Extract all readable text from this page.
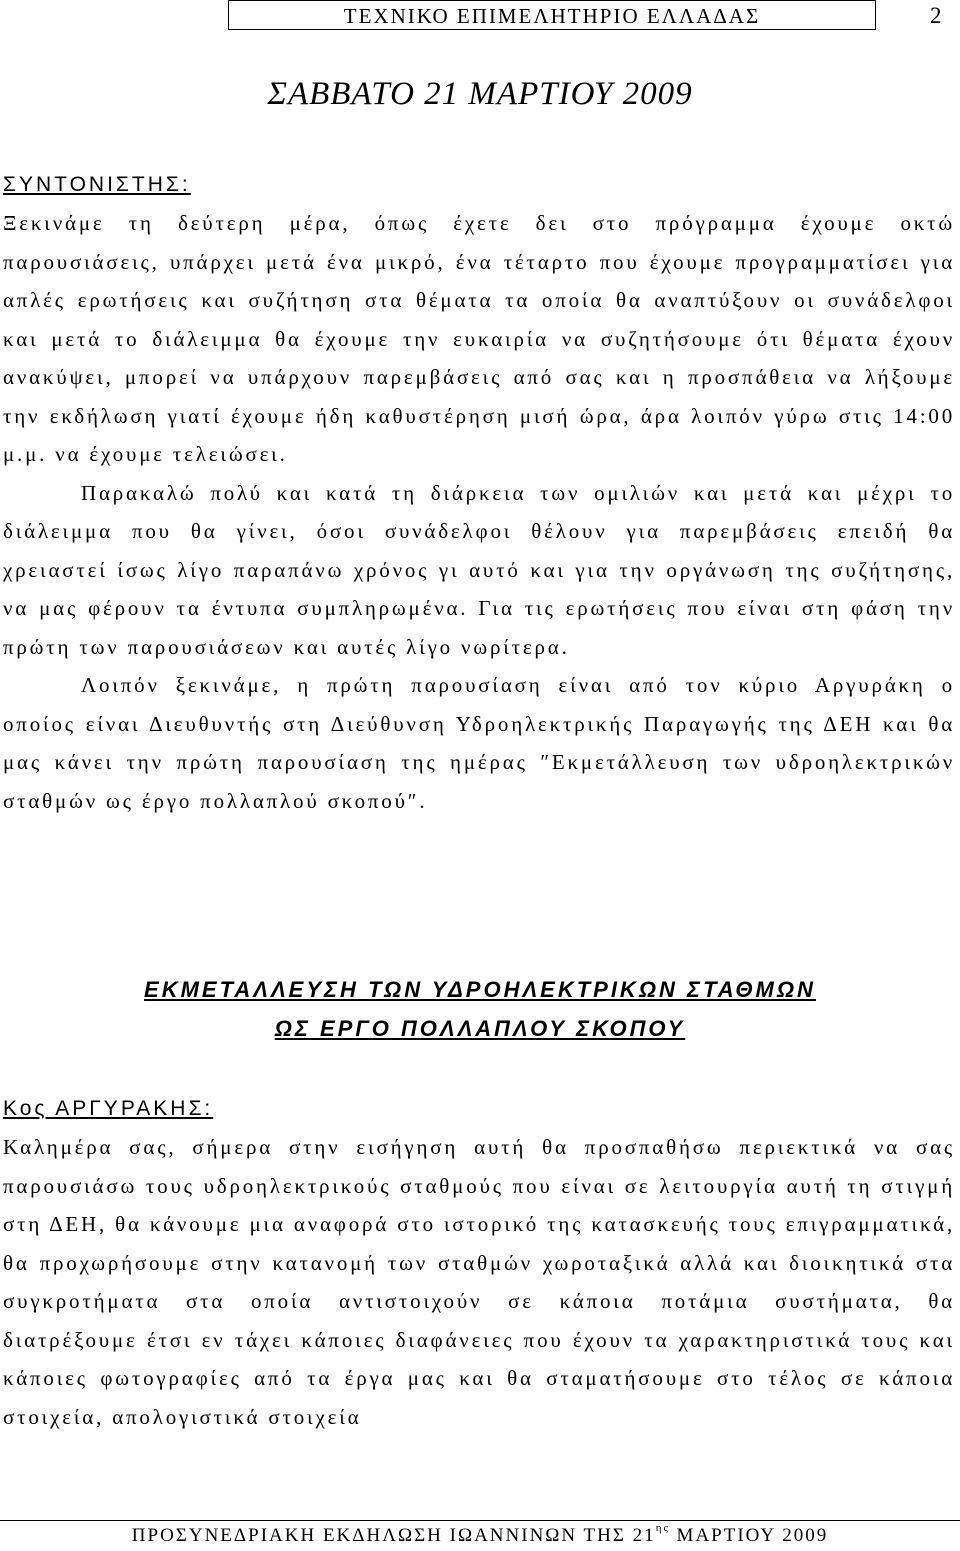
ΤΕΧΝΙΚΟ ΕΠΙΜΕΛΗΤΗΡΙΟ ΕΛΛΑΔΑΣ	2
ΣΑΒΒΑΤΟ 21 ΜΑΡΤΙΟΥ 2009

ΣΥΝΤΟΝΙΣΤΗΣ:

Ξεκινάμε τη δεύτερη μέρα, όπως έχετε δει στο πρόγραμμα έχουμε οκτώ παρουσιάσεις, υπάρχει μετά ένα μικρό, ένα τέταρτο που έχουμε προγραμματίσει για απλές ερωτήσεις και συζήτηση στα θέματα τα οποία θα αναπτύξουν οι συνάδελφοι και μετά το διάλειμμα θα έχουμε την ευκαιρία να συζητήσουμε ότι θέματα έχουν ανακύψει, μπορεί να υπάρχουν παρεμβάσεις από σας και η προσπάθεια να λήξουμε την εκδήλωση γιατί έχουμε ήδη καθυστέρηση μισή ώρα, άρα λοιπόν γύρω στις 14:00 μ.μ. να έχουμε τελειώσει.

Παρακαλώ πολύ και κατά τη διάρκεια των ομιλιών και μετά και μέχρι το διάλειμμα που θα γίνει, όσοι συνάδελφοι θέλουν για παρεμβάσεις επειδή θα χρειαστεί ίσως λίγο παραπάνω χρόνος γι αυτό και για την οργάνωση της συζήτησης, να μας φέρουν τα έντυπα συμπληρωμένα. Για τις ερωτήσεις που είναι στη φάση την πρώτη των παρουσιάσεων και αυτές λίγο νωρίτερα.

Λοιπόν ξεκινάμε, η πρώτη παρουσίαση είναι από τον κύριο Αργυράκη ο οποίος είναι Διευθυντής στη Διεύθυνση Υδροηλεκτρικής Παραγωγής της ΔΕΗ και θα μας κάνει την πρώτη παρουσίαση της ημέρας ″Εκμετάλλευση των υδροηλεκτρικών σταθμών ως έργο πολλαπλού σκοπού″.

ΕΚΜΕΤΑΛΛΕΥΣΗ ΤΩΝ ΥΔΡΟΗΛΕΚΤΡΙΚΩΝ ΣΤΑΘΜΩΝ
ΩΣ ΕΡΓΟ ΠΟΛΛΑΠΛΟΥ ΣΚΟΠΟΥ

Κος ΑΡΓΥΡΑΚΗΣ:

Καλημέρα σας, σήμερα στην εισήγηση αυτή θα προσπαθήσω περιεκτικά να σας παρουσιάσω τους υδροηλεκτρικούς σταθμούς που είναι σε λειτουργία αυτή τη στιγμή στη ΔΕΗ, θα κάνουμε μια αναφορά στο ιστορικό της κατασκευής τους επιγραμματικά, θα προχωρήσουμε στην κατανομή των σταθμών χωροταξικά αλλά και διοικητικά στα συγκροτήματα στα οποία αντιστοιχούν σε κάποια ποτάμια συστήματα, θα διατρέξουμε έτσι εν τάχει κάποιες διαφάνειες που έχουν τα χαρακτηριστικά τους και κάποιες φωτογραφίες από τα έργα μας και θα σταματήσουμε στο τέλος σε κάποια στοιχεία, απολογιστικά στοιχεία

ΠΡΟΣΥΝΕΔΡΙΑΚΗ ΕΚΔΗΛΩΣΗ ΙΩΑΝΝΙΝΩΝ ΤΗΣ $21^{\eta\varsigma}$ ΜΑΡΤΙΟΥ 2009
